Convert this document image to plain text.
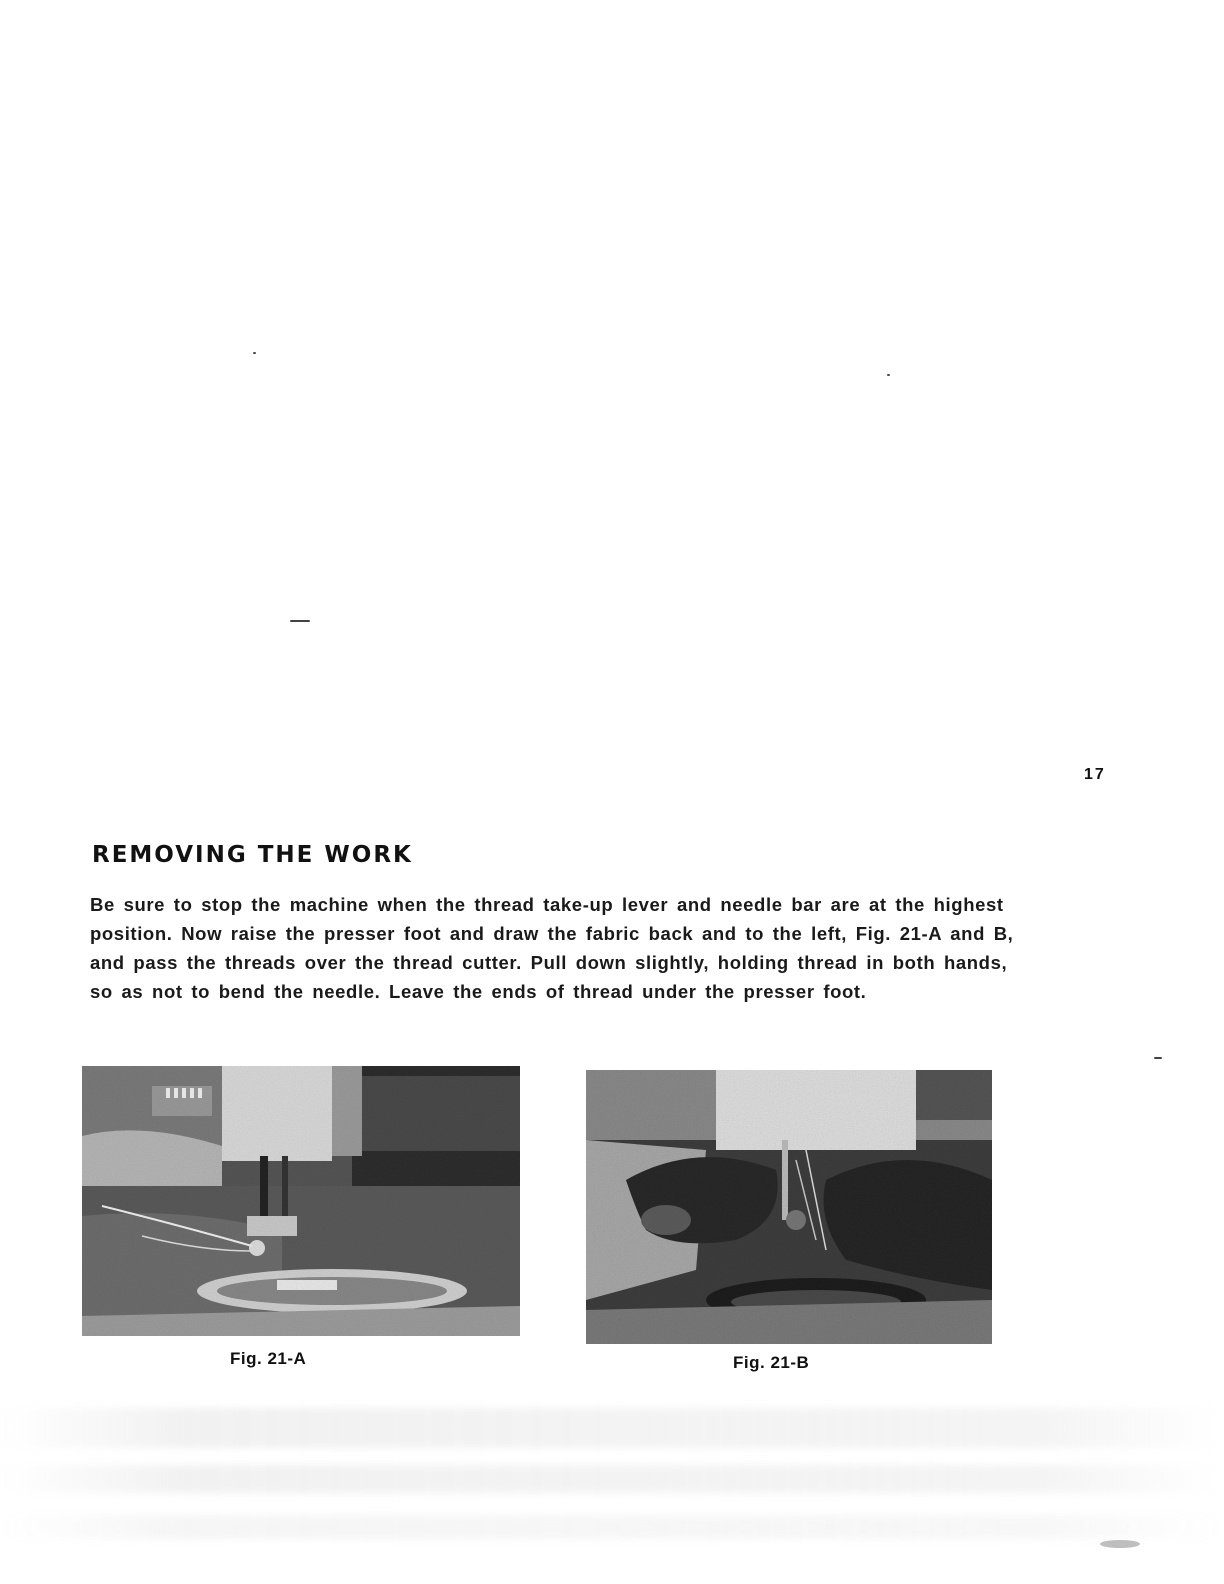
17
REMOVING THE WORK

Be sure to stop the machine when the thread take-up lever and needle bar are at the highest position. Now raise the presser foot and draw the fabric back and to the left, Fig. 21-A and B, and pass the threads over the thread cutter. Pull down slightly, holding thread in both hands, so as not to bend the needle. Leave the ends of thread under the presser foot.

Fig. 21-A	Fig. 21-B
